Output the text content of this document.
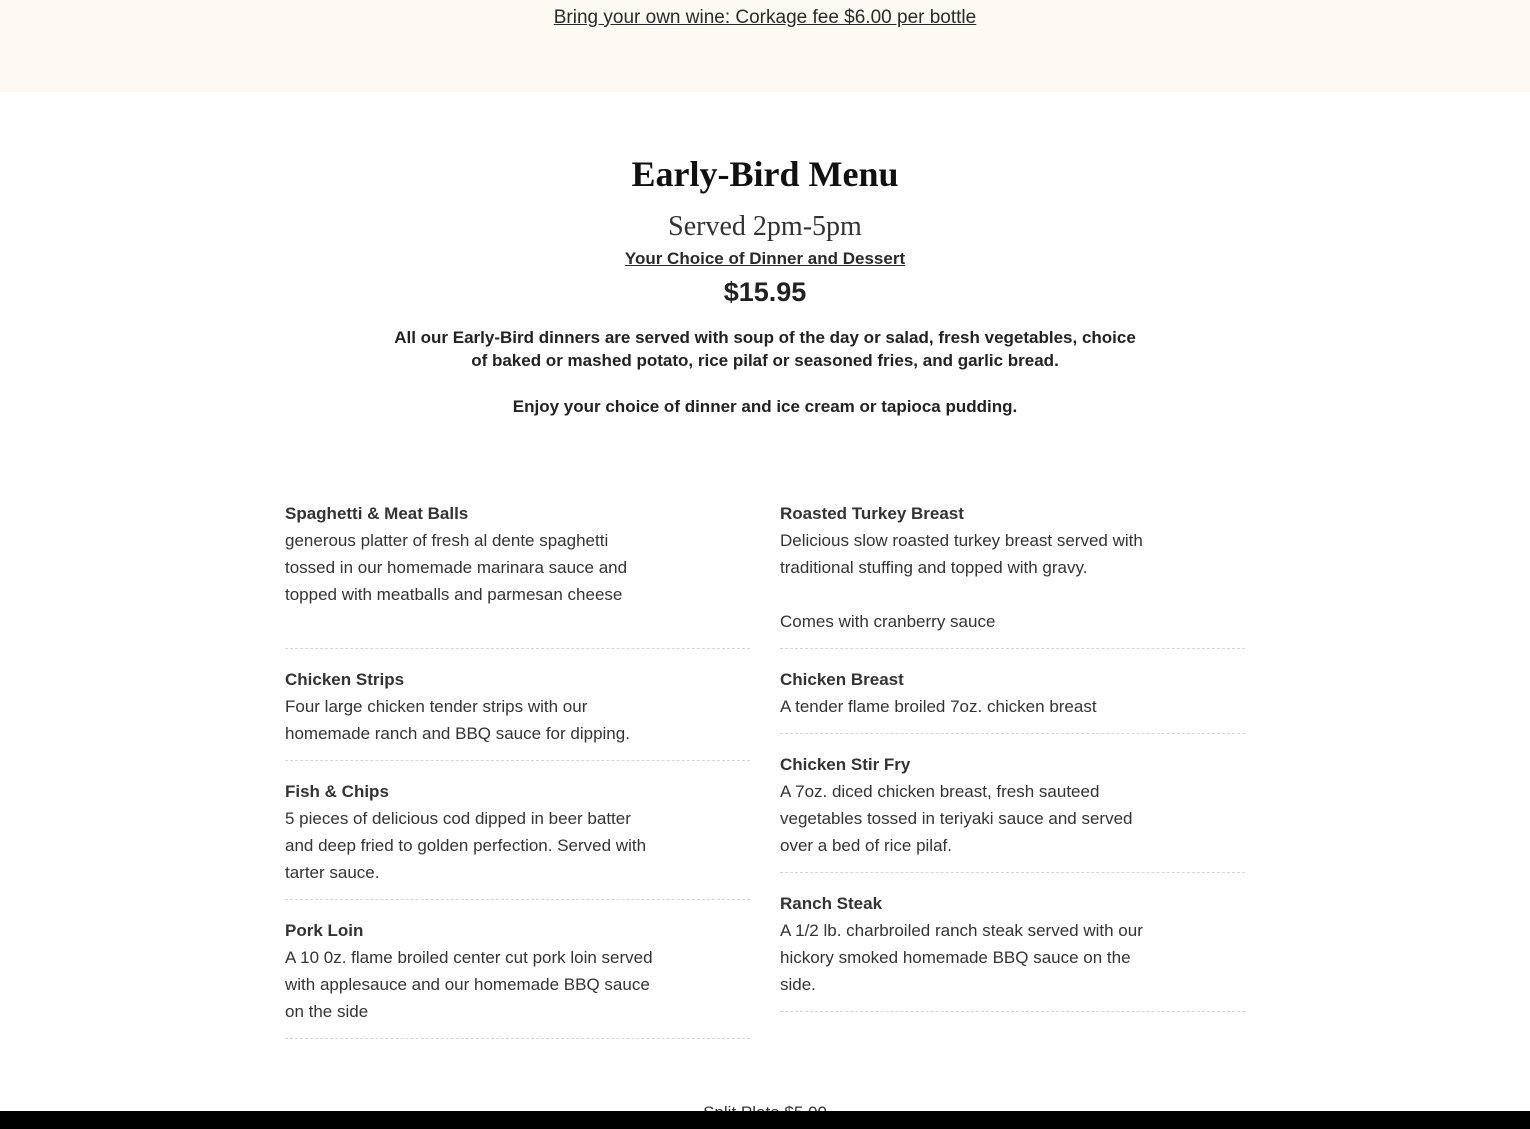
Bring your own wine: Corkage fee $6.00 per bottle
Early-Bird Menu
Served 2pm-5pm
Your Choice of Dinner and Dessert
$15.95
All our Early-Bird dinners are served with soup of the day or salad, fresh vegetables, choice of baked or mashed potato, rice pilaf or seasoned fries, and garlic bread.
Enjoy your choice of dinner and ice cream or tapioca pudding.
Spaghetti & Meat Balls
generous platter of fresh al dente spaghetti tossed in our homemade marinara sauce and topped with meatballs and parmesan cheese
Chicken Strips
Four large chicken tender strips with our homemade ranch and BBQ sauce for dipping.
Fish & Chips
5 pieces of delicious cod dipped in beer batter and deep fried to golden perfection. Served with tarter sauce.
Pork Loin
A 10 0z. flame broiled center cut pork loin served with applesauce and our homemade BBQ sauce on the side
Roasted Turkey Breast
Delicious slow roasted turkey breast served with traditional stuffing and topped with gravy.

Comes with cranberry sauce
Chicken Breast
A tender flame broiled 7oz. chicken breast
Chicken Stir Fry
A 7oz. diced chicken breast, fresh sauteed vegetables tossed in teriyaki sauce and served over a bed of rice pilaf.
Ranch Steak
A 1/2 lb. charbroiled ranch steak served with our hickory smoked homemade BBQ sauce on the side.
